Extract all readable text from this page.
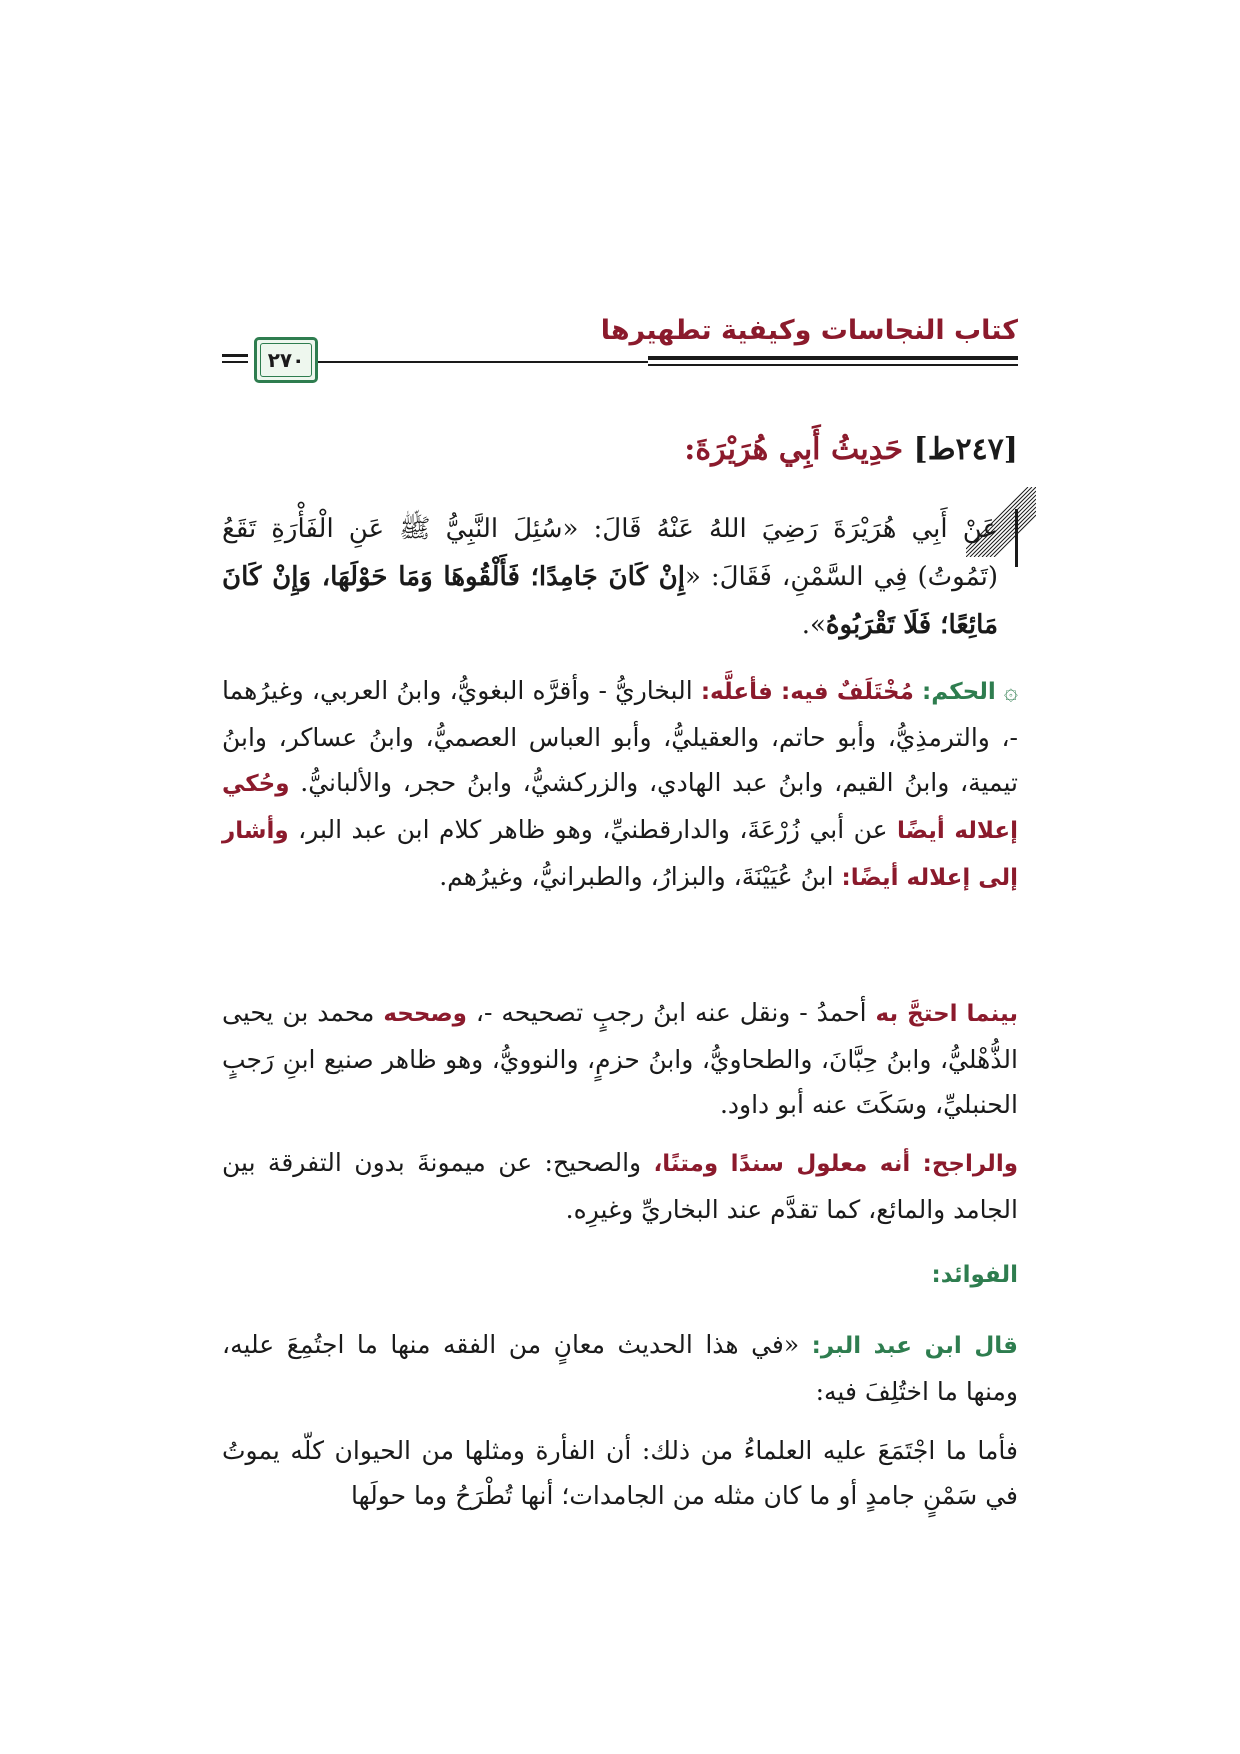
كتاب النجاسات وكيفية تطهيرها
٢٧٠
[٢٤٧ط] حَدِيثُ أَبِي هُرَيْرَةَ:
عَنْ أَبِي هُرَيْرَةَ رَضِيَ اللهُ عَنْهُ قَالَ: «سُئِلَ النَّبِيُّ ﷺ عَنِ الْفَأْرَةِ تَقَعُ (تَمُوتُ) فِي السَّمْنِ، فَقَالَ: «إِنْ كَانَ جَامِدًا؛ فَأَلْقُوهَا وَمَا حَوْلَهَا، وَإِنْ كَانَ مَائِعًا؛ فَلَا تَقْرَبُوهُ».
۞ الحكم: مُخْتَلَفٌ فيه: فأعلَّه: البخاريُّ - وأقرَّه البغويُّ، وابنُ العربي، وغيرُهما -، والترمذِيُّ، وأبو حاتم، والعقيليُّ، وأبو العباس العصميُّ، وابنُ عساكر، وابنُ تيمية، وابنُ القيم، وابنُ عبد الهادي، والزركشيُّ، وابنُ حجر، والألبانيُّ. وحُكي إعلاله أيضًا عن أبي زُرْعَةَ، والدارقطنيِّ، وهو ظاهر كلام ابن عبد البر، وأشار إلى إعلاله أيضًا: ابنُ عُيَيْنَةَ، والبزارُ، والطبرانيُّ، وغيرُهم.
بينما احتجَّ به أحمدُ - ونقل عنه ابنُ رجبٍ تصحيحه -، وصححه محمد بن يحيى الذُّهْليُّ، وابنُ حِبَّانَ، والطحاويُّ، وابنُ حزمٍ، والنوويُّ، وهو ظاهر صنيع ابنِ رَجبٍ الحنبليِّ، وسَكَتَ عنه أبو داود.
والراجح: أنه معلول سندًا ومتنًا، والصحيح: عن ميمونةَ بدون التفرقة بين الجامد والمائع، كما تقدَّم عند البخاريِّ وغيرِه.
الفوائد:
قال ابن عبد البر: «في هذا الحديث معانٍ من الفقه منها ما اجتُمِعَ عليه، ومنها ما اختُلِفَ فيه:
فأما ما اجْتَمَعَ عليه العلماءُ من ذلك: أن الفأرة ومثلها من الحيوان كلّه يموتُ في سَمْنٍ جامدٍ أو ما كان مثله من الجامدات؛ أنها تُطْرَحُ وما حولَها
